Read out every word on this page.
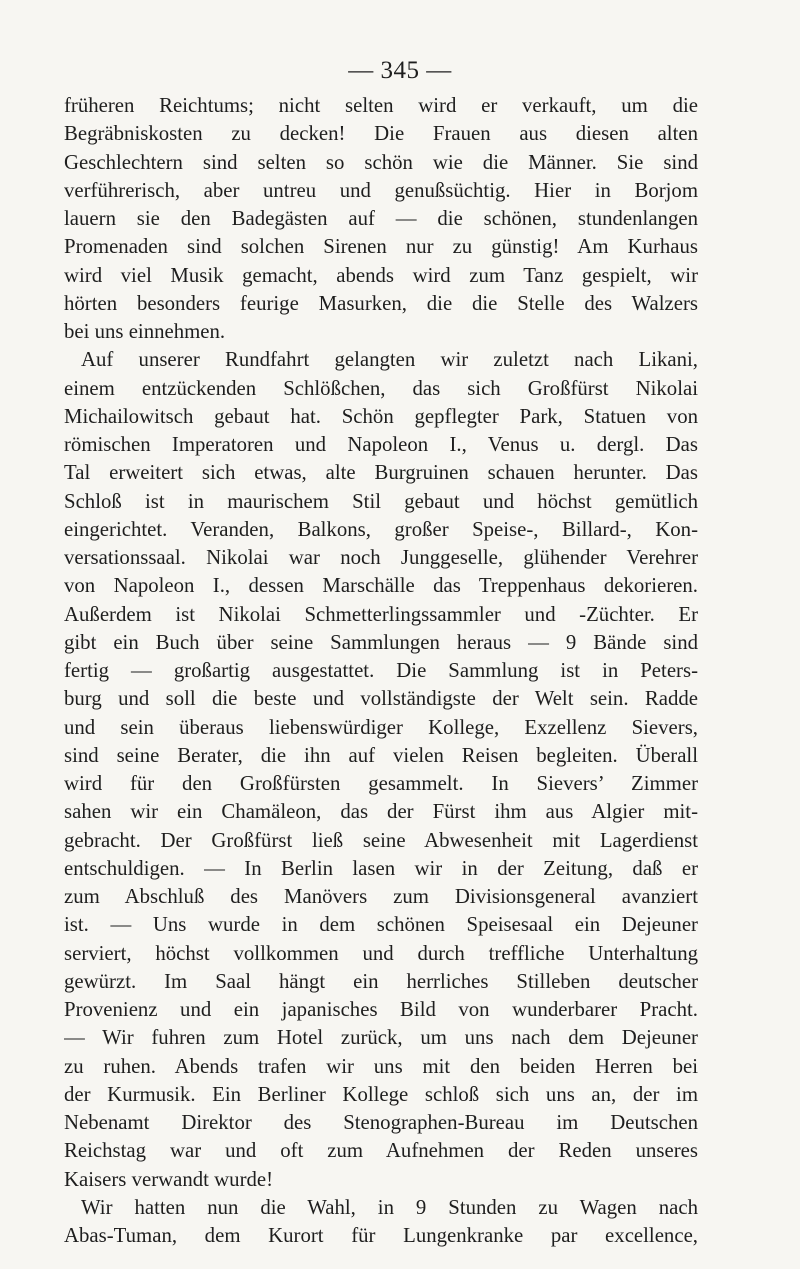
— 345 —
früheren Reichtums; nicht selten wird er verkauft, um die
Begräbniskosten zu decken! Die Frauen aus diesen alten
Geschlechtern sind selten so schön wie die Männer. Sie sind
verführerisch, aber untreu und genußsüchtig. Hier in Borjom
lauern sie den Badegästen auf — die schönen, stundenlangen
Promenaden sind solchen Sirenen nur zu günstig! Am Kurhaus
wird viel Musik gemacht, abends wird zum Tanz gespielt, wir
hörten besonders feurige Masurken, die die Stelle des Walzers
bei uns einnehmen.
Auf unserer Rundfahrt gelangten wir zuletzt nach Likani,
einem entzückenden Schlößchen, das sich Großfürst Nikolai
Michailowitsch gebaut hat. Schön gepflegter Park, Statuen von
römischen Imperatoren und Napoleon I., Venus u. dergl. Das
Tal erweitert sich etwas, alte Burgruinen schauen herunter. Das
Schloß ist in maurischem Stil gebaut und höchst gemütlich
eingerichtet. Veranden, Balkons, großer Speise-, Billard-, Kon-
versationssaal. Nikolai war noch Junggeselle, glühender Verehrer
von Napoleon I., dessen Marschälle das Treppenhaus dekorieren.
Außerdem ist Nikolai Schmetterlingssammler und -Züchter. Er
gibt ein Buch über seine Sammlungen heraus — 9 Bände sind
fertig — großartig ausgestattet. Die Sammlung ist in Peters-
burg und soll die beste und vollständigste der Welt sein. Radde
und sein überaus liebenswürdiger Kollege, Exzellenz Sievers,
sind seine Berater, die ihn auf vielen Reisen begleiten. Überall
wird für den Großfürsten gesammelt. In Sievers’ Zimmer
sahen wir ein Chamäleon, das der Fürst ihm aus Algier mit-
gebracht. Der Großfürst ließ seine Abwesenheit mit Lagerdienst
entschuldigen. — In Berlin lasen wir in der Zeitung, daß er
zum Abschluß des Manövers zum Divisionsgeneral avanziert
ist. — Uns wurde in dem schönen Speisesaal ein Dejeuner
serviert, höchst vollkommen und durch treffliche Unterhaltung
gewürzt. Im Saal hängt ein herrliches Stilleben deutscher
Provenienz und ein japanisches Bild von wunderbarer Pracht.
— Wir fuhren zum Hotel zurück, um uns nach dem Dejeuner
zu ruhen. Abends trafen wir uns mit den beiden Herren bei
der Kurmusik. Ein Berliner Kollege schloß sich uns an, der im
Nebenamt Direktor des Stenographen-Bureau im Deutschen
Reichstag war und oft zum Aufnehmen der Reden unseres
Kaisers verwandt wurde!
Wir hatten nun die Wahl, in 9 Stunden zu Wagen nach
Abas-Tuman, dem Kurort für Lungenkranke par excellence,
